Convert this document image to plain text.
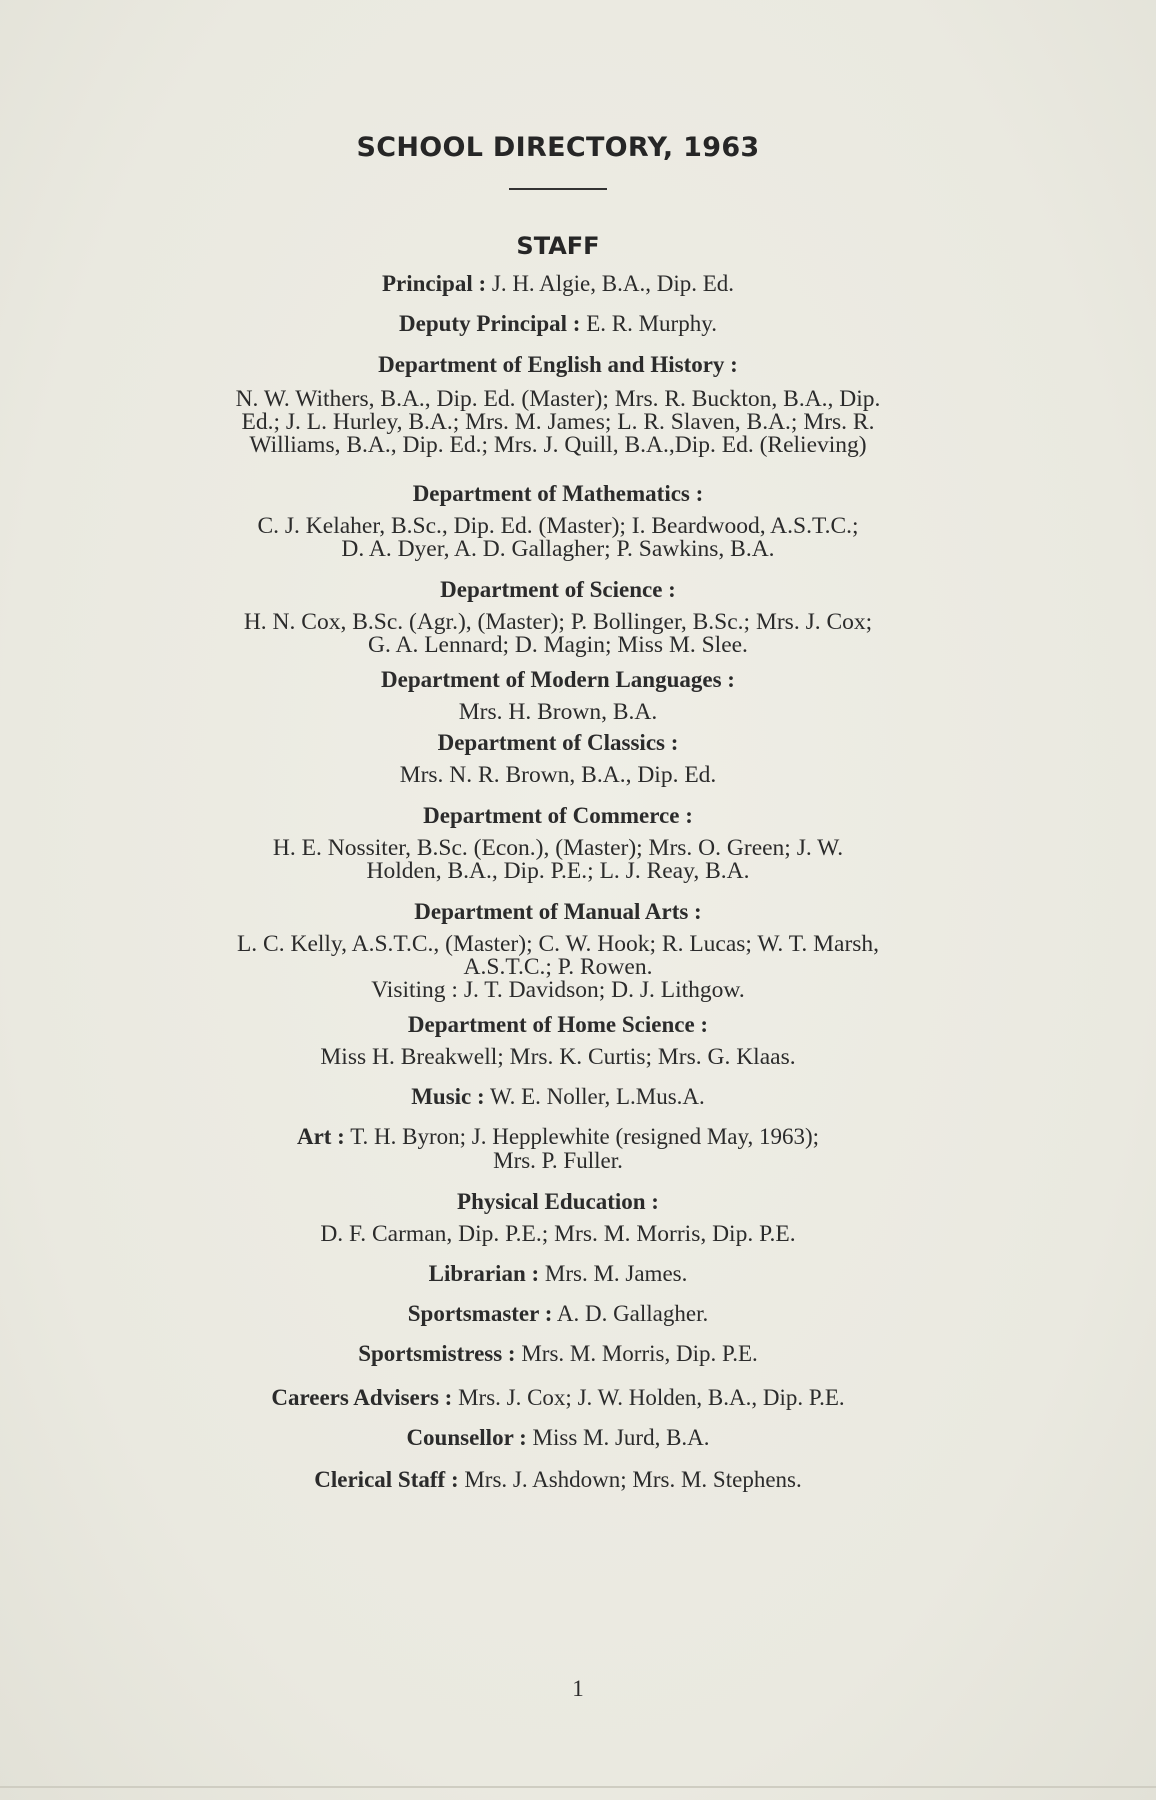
SCHOOL DIRECTORY, 1963
STAFF
Principal : J. H. Algie, B.A., Dip. Ed.
Deputy Principal : E. R. Murphy.
Department of English and History :
N. W. Withers, B.A., Dip. Ed. (Master); Mrs. R. Buckton, B.A., Dip.
Ed.; J. L. Hurley, B.A.; Mrs. M. James; L. R. Slaven, B.A.; Mrs. R.
Williams, B.A., Dip. Ed.; Mrs. J. Quill, B.A.,Dip. Ed. (Relieving)
Department of Mathematics :
C. J. Kelaher, B.Sc., Dip. Ed. (Master); I. Beardwood, A.S.T.C.;
D. A. Dyer, A. D. Gallagher; P. Sawkins, B.A.
Department of Science :
H. N. Cox, B.Sc. (Agr.), (Master); P. Bollinger, B.Sc.; Mrs. J. Cox;
G. A. Lennard; D. Magin; Miss M. Slee.
Department of Modern Languages :
Mrs. H. Brown, B.A.
Department of Classics :
Mrs. N. R. Brown, B.A., Dip. Ed.
Department of Commerce :
H. E. Nossiter, B.Sc. (Econ.), (Master); Mrs. O. Green; J. W.
Holden, B.A., Dip. P.E.; L. J. Reay, B.A.
Department of Manual Arts :
L. C. Kelly, A.S.T.C., (Master); C. W. Hook; R. Lucas; W. T. Marsh,
A.S.T.C.; P. Rowen.
Visiting : J. T. Davidson; D. J. Lithgow.
Department of Home Science :
Miss H. Breakwell; Mrs. K. Curtis; Mrs. G. Klaas.
Music : W. E. Noller, L.Mus.A.
Art : T. H. Byron; J. Hepplewhite (resigned May, 1963);
Mrs. P. Fuller.
Physical Education :
D. F. Carman, Dip. P.E.; Mrs. M. Morris, Dip. P.E.
Librarian : Mrs. M. James.
Sportsmaster : A. D. Gallagher.
Sportsmistress : Mrs. M. Morris, Dip. P.E.
Careers Advisers : Mrs. J. Cox; J. W. Holden, B.A., Dip. P.E.
Counsellor : Miss M. Jurd, B.A.
Clerical Staff : Mrs. J. Ashdown; Mrs. M. Stephens.
1
